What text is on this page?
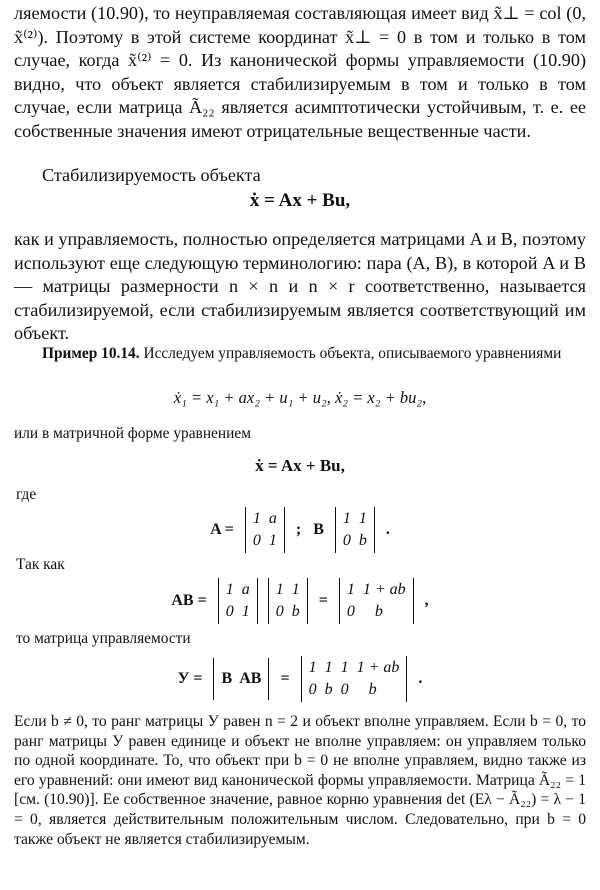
ляемости (10.90), то неуправляемая составляющая имеет вид x̃⊥ = col (0, x̃⁽²⁾). Поэтому в этой системе координат x̃⊥ = 0 в том и только в том случае, когда x̃⁽²⁾ = 0. Из канонической формы управляемости (10.90) видно, что объект является стабилизируемым в том и только в том случае, если матрица Ã₂₂ является асимптотически устойчивым, т. е. ее собственные значения имеют отрицательные вещественные части.

Стабилизируемость объекта

ẋ = Ax + Bu,

как и управляемость, полностью определяется матрицами A и B, поэтому используют еще следующую терминологию: пара (A, B), в которой A и B — матрицы размерности n × n и n × r соответственно, называется стабилизируемой, если стабилизируемым является соответствующий им объект.

Пример 10.14. Исследуем управляемость объекта, описываемого уравнениями

ẋ₁ = x₁ + ax₂ + u₁ + u₂, ẋ₂ = x₂ + bu₂,

или в матричной форме уравнением

ẋ = Ax + Bu,
где
A =
1  a
0  1
; B
1  1
0  b
.
Так как
AB =
1  a
0  1

1  1
0  b
=
1  1 + ab
0     b
,
то матрица управляемости
У = B  AB =
1  1  1  1 + ab
0  b  0     b
.

Если b ≠ 0, то ранг матрицы У равен n = 2 и объект вполне управляем. Если b = 0, то ранг матрицы У равен единице и объект не вполне управляем: он управляем только по одной координате. То, что объект при b = 0 не вполне управляем, видно также из его уравнений: они имеют вид канонической формы управляемости. Матрица Ã₂₂ = 1 [см. (10.90)]. Ее собственное значение, равное корню уравнения det (Eλ − Ã₂₂) = λ − 1 = 0, является действительным положительным числом. Следовательно, при b = 0 также объект не является стабилизируемым.
